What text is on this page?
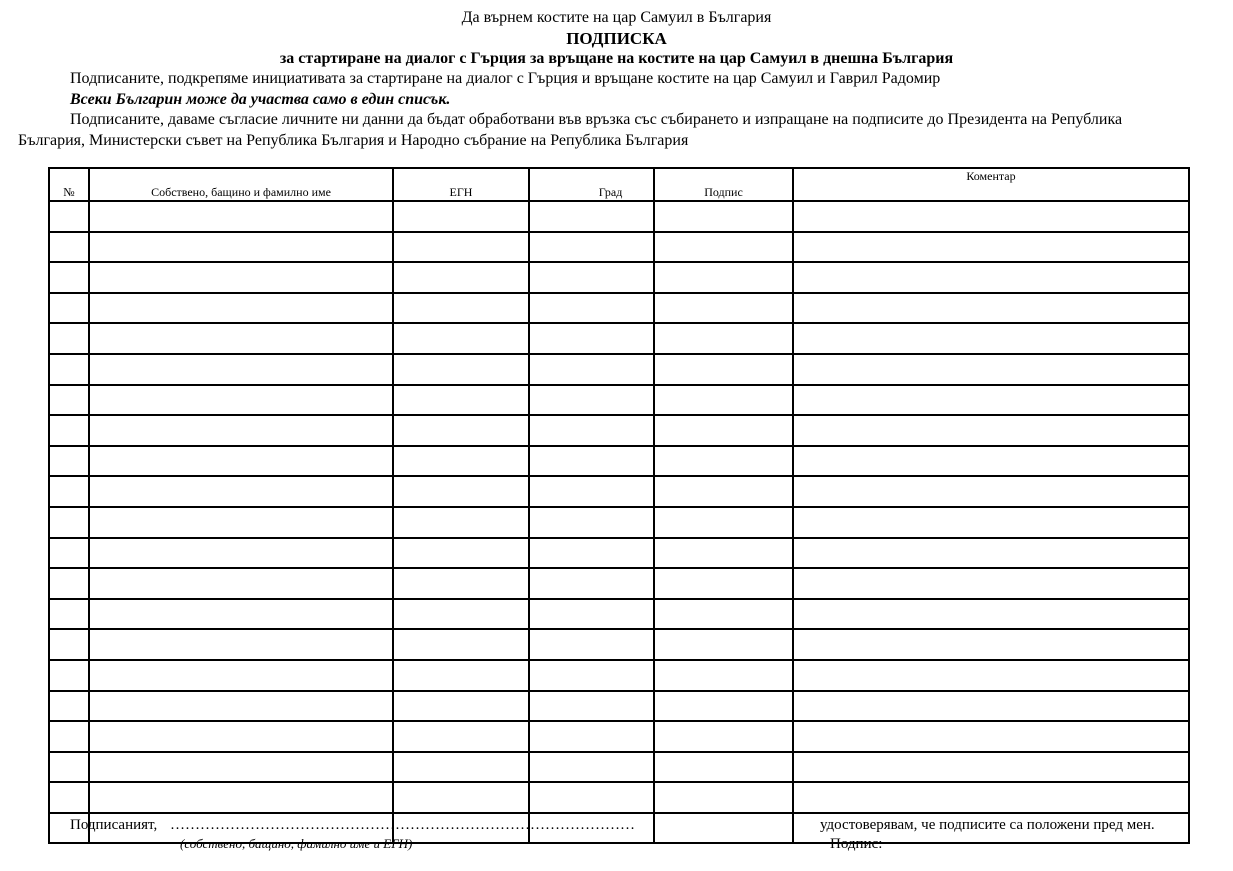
Да върнем костите на цар Самуил в България
ПОДПИСКА
за стартиране на диалог с Гърция за връщане на костите на цар Самуил в днешна България
Подписаните, подкрепяме инициативата за стартиране на диалог с Гърция и връщане костите на цар Самуил и Гаврил Радомир
Всеки Българин може да участва само в един списък.
Подписаните, даваме съгласие личните ни данни да бъдат обработвани във връзка със събирането и изпращане на подписите до Президента на Република
България, Министерски съвет на Република България и Народно събрание на Република България
№	Собствено, бащино и фамилно име	ЕГН	Град	Подпис	Коментар

Подписаният, …………………………………………………………………………………	удостоверявам, че подписите са положени пред мен.
(собствено, бащино, фамилно име и ЕГН)	Подпис:
